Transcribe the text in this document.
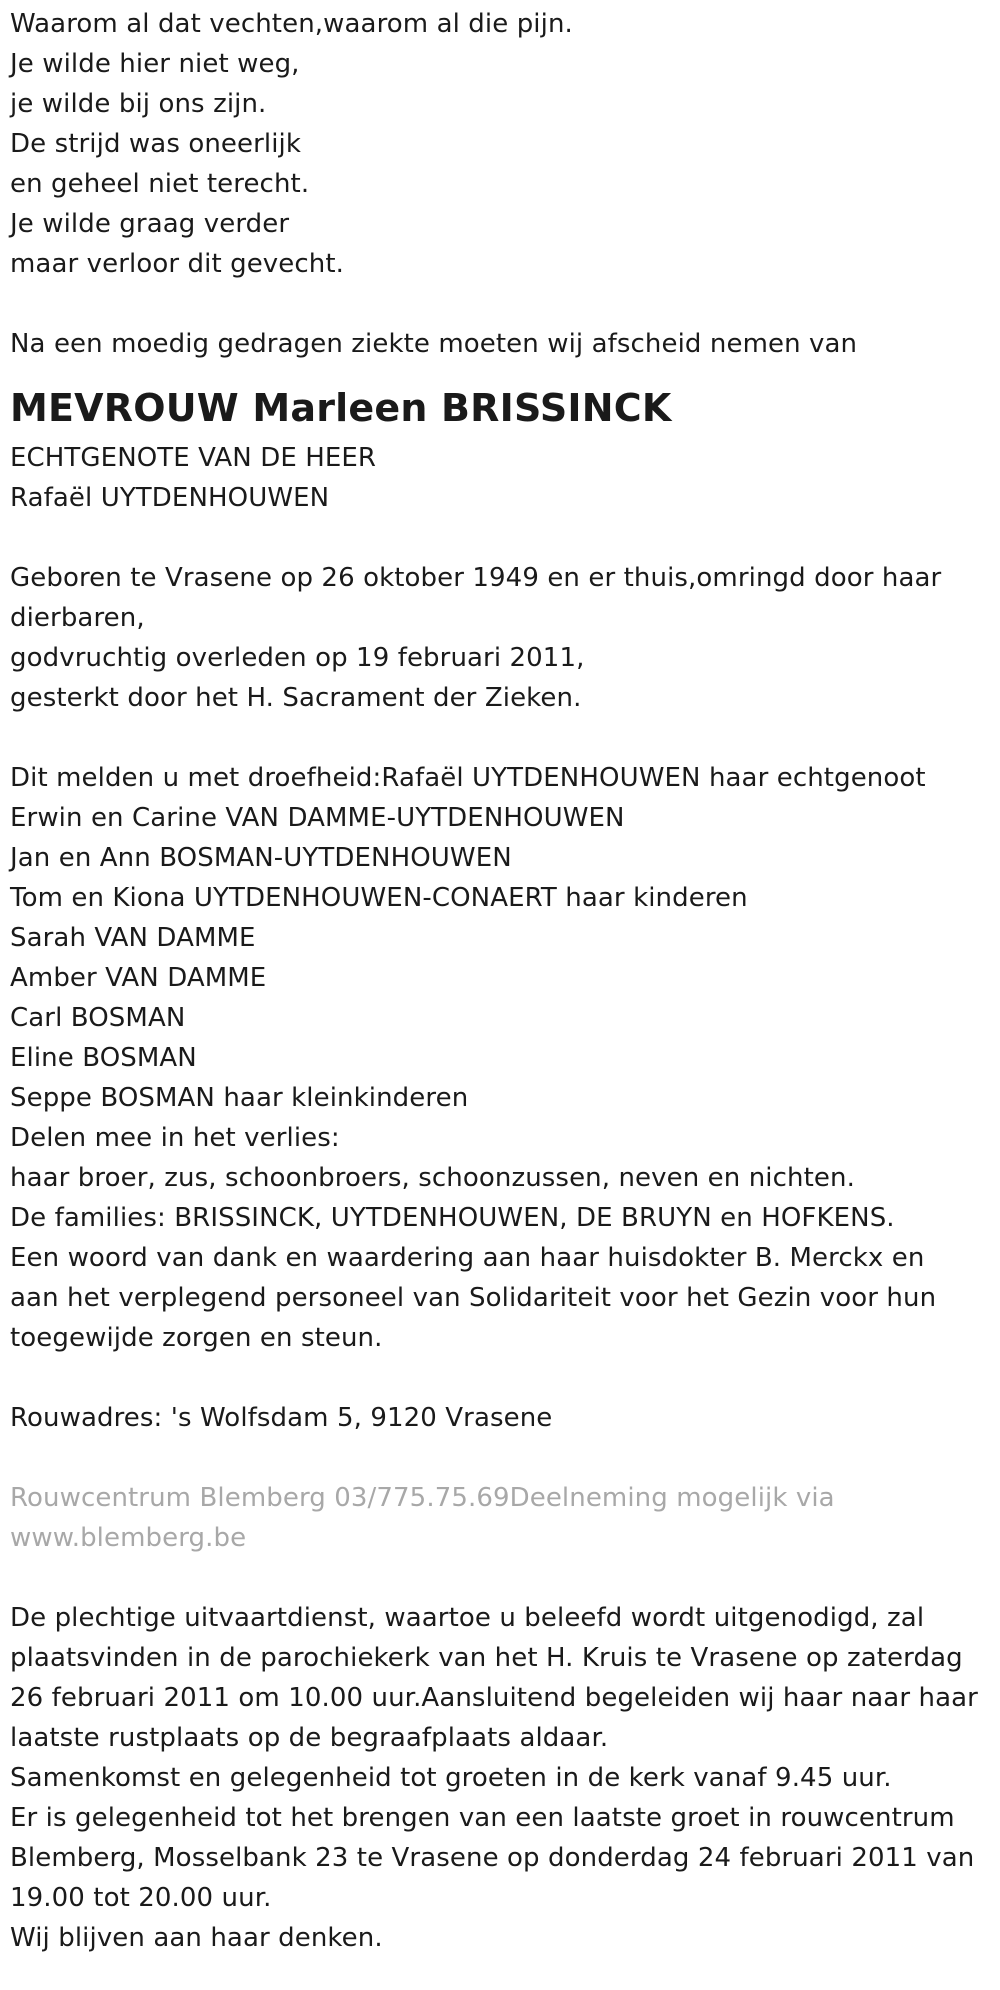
Waarom al dat vechten,waarom al die pijn.
Je wilde hier niet weg,
je wilde bij ons zijn.
De strijd was oneerlijk
en geheel niet terecht.
Je wilde graag verder
maar verloor dit gevecht.
Na een moedig gedragen ziekte moeten wij afscheid nemen van
MEVROUW Marleen BRISSINCK
ECHTGENOTE VAN DE HEER
Rafaël UYTDENHOUWEN
Geboren te Vrasene op 26 oktober 1949 en er thuis,omringd door haar
dierbaren,
godvruchtig overleden op 19 februari 2011,
gesterkt door het H. Sacrament der Zieken.
Dit melden u met droefheid:Rafaël UYTDENHOUWEN haar echtgenoot
Erwin en Carine VAN DAMME-UYTDENHOUWEN
Jan en Ann BOSMAN-UYTDENHOUWEN
Tom en Kiona UYTDENHOUWEN-CONAERT haar kinderen
Sarah VAN DAMME
Amber VAN DAMME
Carl BOSMAN
Eline BOSMAN
Seppe BOSMAN haar kleinkinderen
Delen mee in het verlies:
haar broer, zus, schoonbroers, schoonzussen, neven en nichten.
De families: BRISSINCK, UYTDENHOUWEN, DE BRUYN en HOFKENS.
Een woord van dank en waardering aan haar huisdokter B. Merckx en
aan het verplegend personeel van Solidariteit voor het Gezin voor hun
toegewijde zorgen en steun.
Rouwadres: 's Wolfsdam 5, 9120 Vrasene
Rouwcentrum Blemberg 03/775.75.69Deelneming mogelijk via
www.blemberg.be
De plechtige uitvaartdienst, waartoe u beleefd wordt uitgenodigd, zal
plaatsvinden in de parochiekerk van het H. Kruis te Vrasene op zaterdag
26 februari 2011 om 10.00 uur.Aansluitend begeleiden wij haar naar haar
laatste rustplaats op de begraafplaats aldaar.
Samenkomst en gelegenheid tot groeten in de kerk vanaf 9.45 uur.
Er is gelegenheid tot het brengen van een laatste groet in rouwcentrum
Blemberg, Mosselbank 23 te Vrasene op donderdag 24 februari 2011 van
19.00 tot 20.00 uur.
Wij blijven aan haar denken.
